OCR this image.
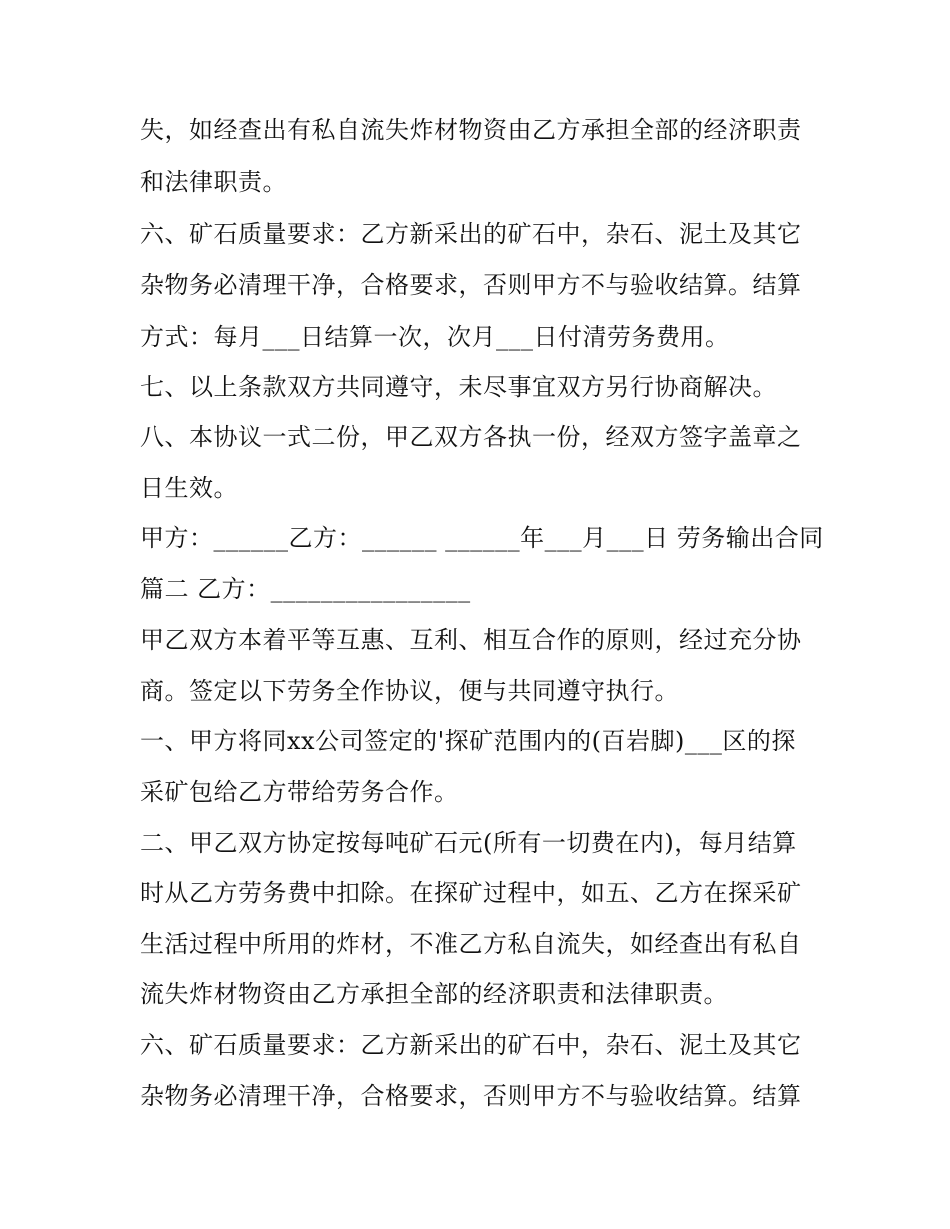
失，如经查出有私自流失炸材物资由乙方承担全部的经济职责
和法律职责。
六、矿石质量要求：乙方新采出的矿石中，杂石、泥土及其它
杂物务必清理干净，合格要求，否则甲方不与验收结算。结算
方式：每月___日结算一次，次月___日付清劳务费用。
七、以上条款双方共同遵守，未尽事宜双方另行协商解决。
八、本协议一式二份，甲乙双方各执一份，经双方签字盖章之
日生效。
甲方：______乙方：______ ______年___月___日 劳务输出合同
篇二 乙方：________________
甲乙双方本着平等互惠、互利、相互合作的原则，经过充分协
商。签定以下劳务全作协议，便与共同遵守执行。
一、甲方将同xx公司签定的'探矿范围内的(百岩脚)___区的探
采矿包给乙方带给劳务合作。
二、甲乙双方协定按每吨矿石元(所有一切费在内)，每月结算
时从乙方劳务费中扣除。在探矿过程中，如五、乙方在探采矿
生活过程中所用的炸材，不准乙方私自流失，如经查出有私自
流失炸材物资由乙方承担全部的经济职责和法律职责。
六、矿石质量要求：乙方新采出的矿石中，杂石、泥土及其它
杂物务必清理干净，合格要求，否则甲方不与验收结算。结算
